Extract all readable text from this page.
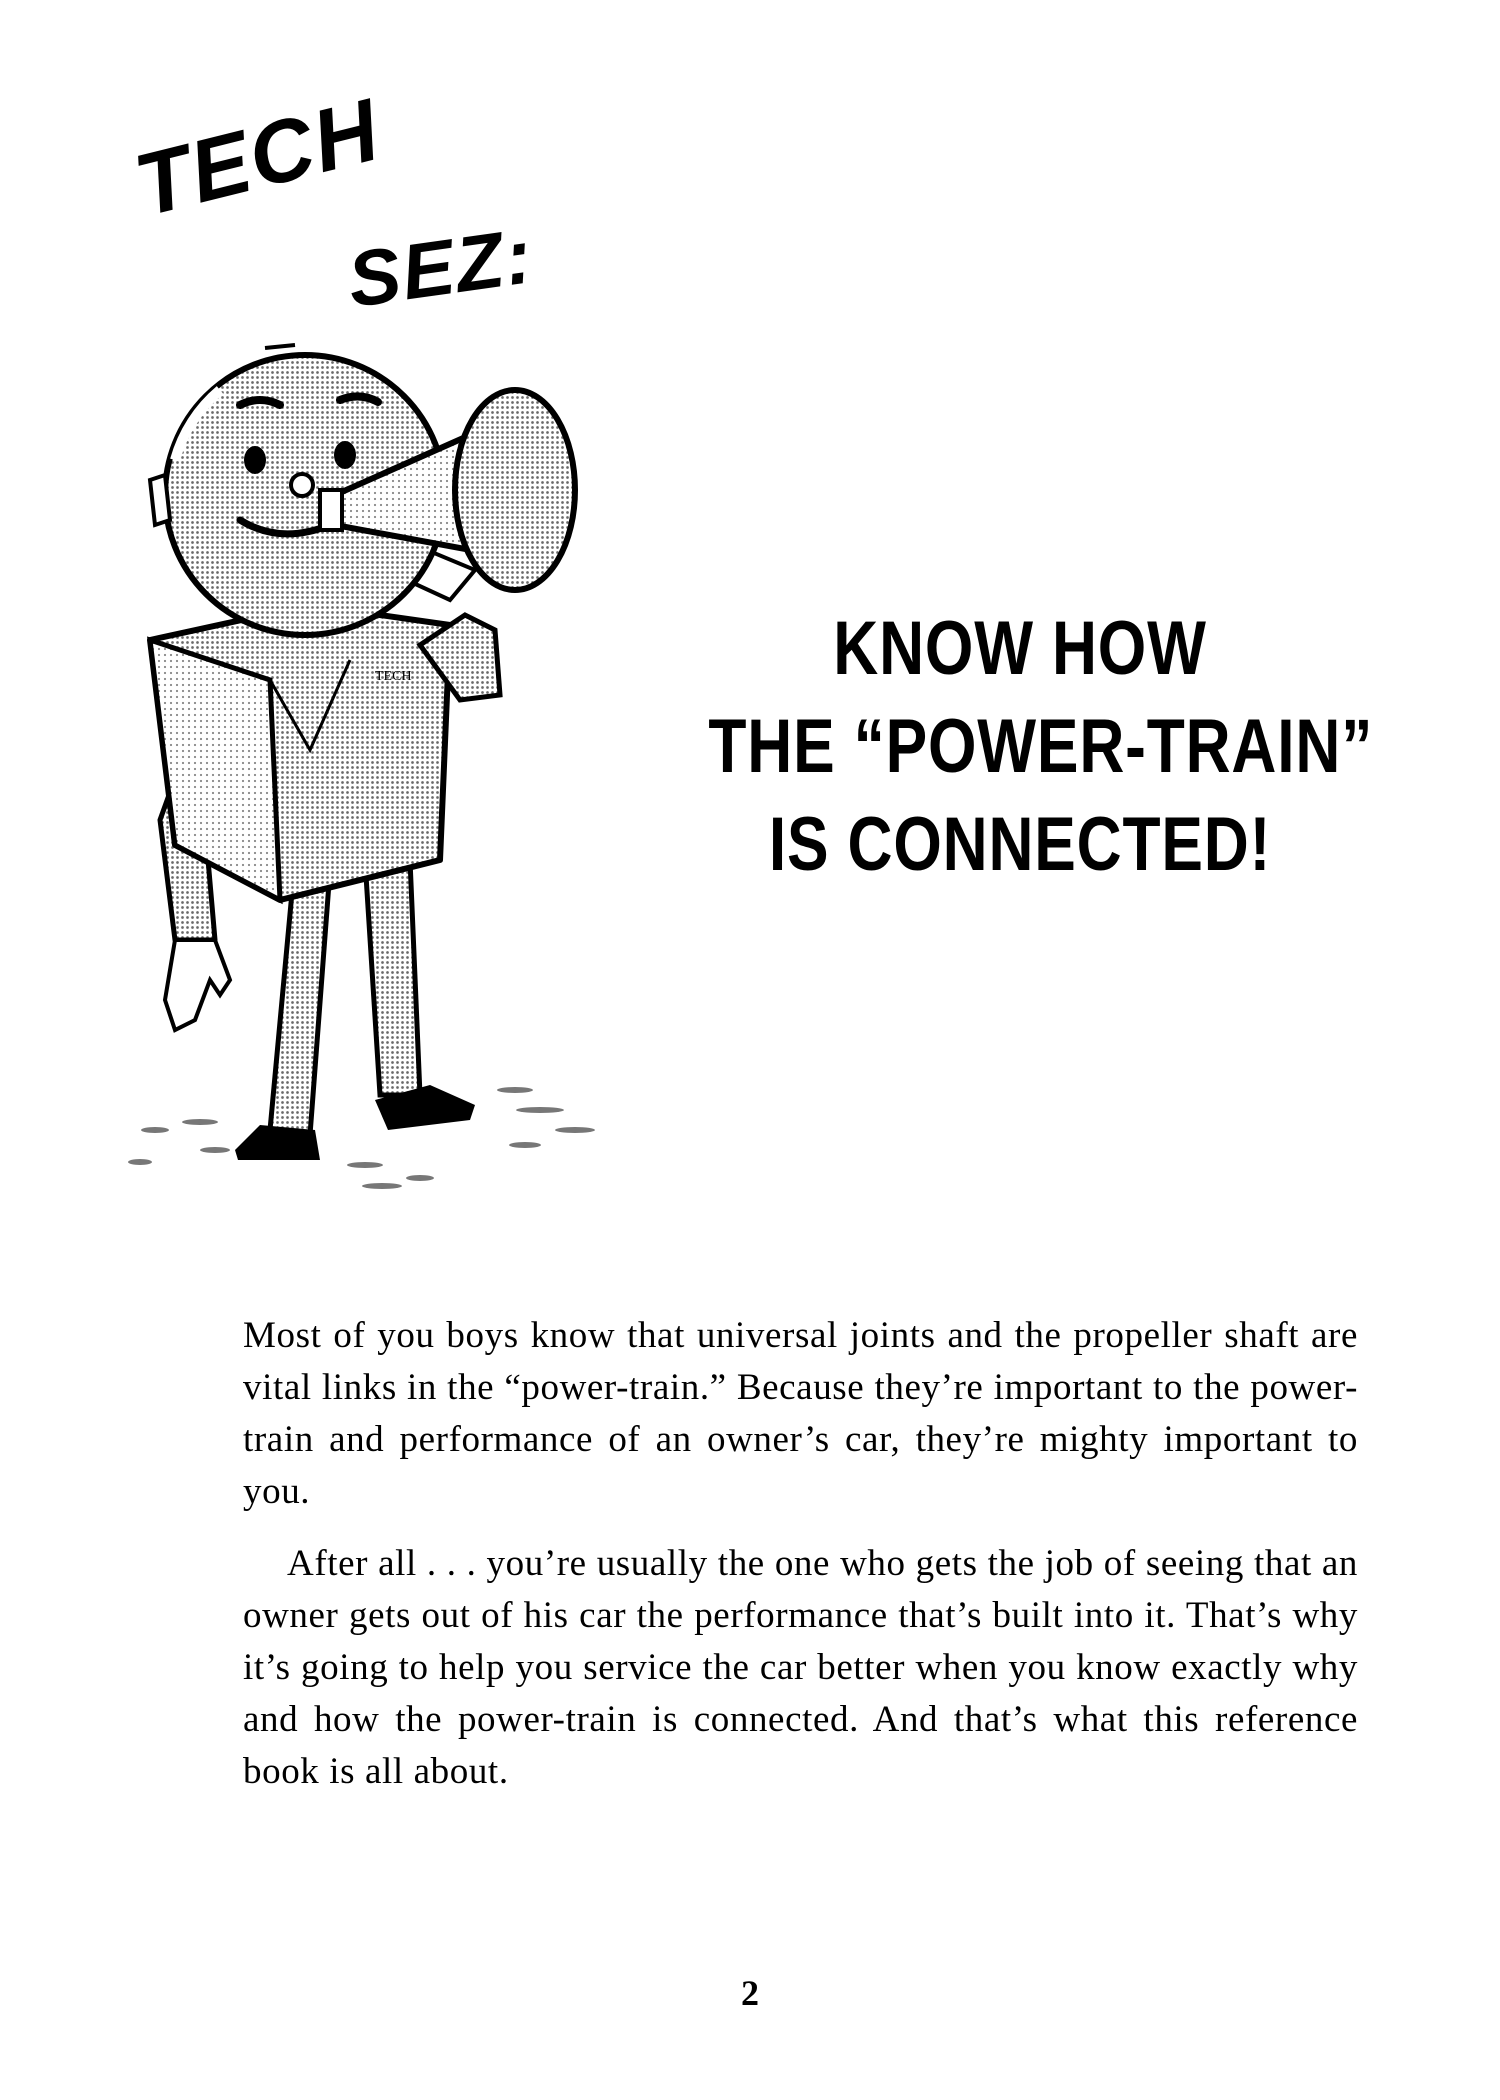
TECH
SEZ:
TECH	KNOW HOW
THE “POWER-TRAIN”
IS CONNECTED!

Most of you boys know that universal joints and the propeller shaft are vital links in the “power-train.” Because they’re important to the power-train and performance of an owner’s car, they’re mighty important to you.

After all . . . you’re usually the one who gets the job of seeing that an owner gets out of his car the performance that’s built into it. That’s why it’s going to help you service the car better when you know exactly why and how the power-train is connected. And that’s what this reference book is all about.

2
